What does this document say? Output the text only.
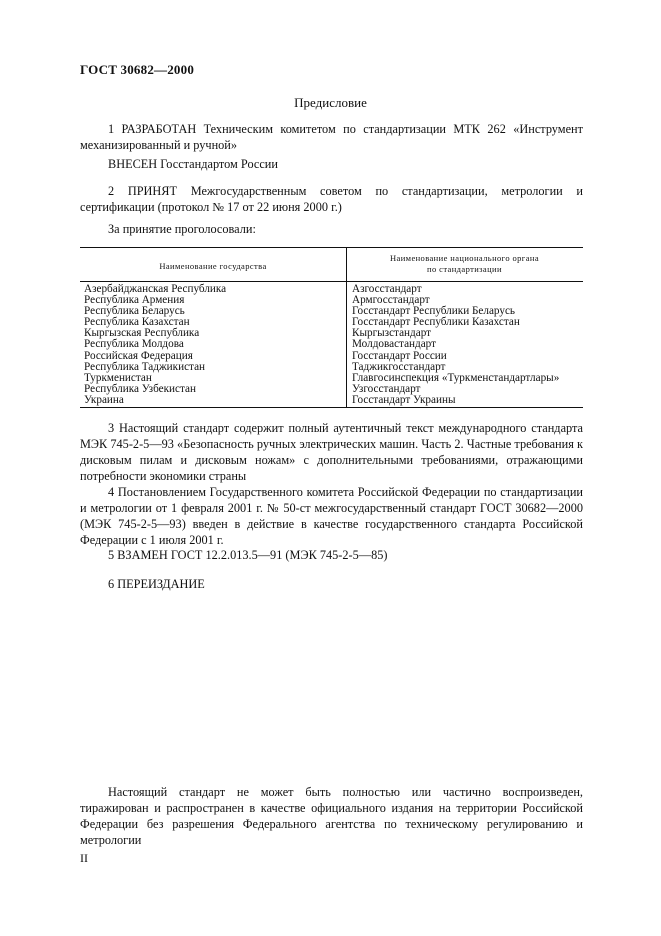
ГОСТ 30682—2000
Предисловие
1 РАЗРАБОТАН Техническим комитетом по стандартизации МТК 262 «Инструмент механизированный и ручной»
ВНЕСЕН Госстандартом России
2 ПРИНЯТ Межгосударственным советом по стандартизации, метрологии и сертификации (протокол № 17 от 22 июня 2000 г.)
За принятие проголосовали:
Наименование государства
Наименование национального органа
по стандартизации
Азербайджанская Республика
Республика Армения
Республика Беларусь
Республика Казахстан
Кыргызская Республика
Республика Молдова
Российская Федерация
Республика Таджикистан
Туркменистан
Республика Узбекистан
Украина
Азгосстандарт
Армгосстандарт
Госстандарт Республики Беларусь
Госстандарт Республики Казахстан
Кыргызстандарт
Молдовастандарт
Госстандарт России
Таджикгосстандарт
Главгосинспекция «Туркменстандартлары»
Узгосстандарт
Госстандарт Украины
3 Настоящий стандарт содержит полный аутентичный текст международного стандарта МЭК 745-2-5—93 «Безопасность ручных электрических машин. Часть 2. Частные требования к дисковым пилам и дисковым ножам» с дополнительными требованиями, отражающими потребности экономики страны
4 Постановлением Государственного комитета Российской Федерации по стандартизации и метрологии от 1 февраля 2001 г. № 50-ст межгосударственный стандарт ГОСТ 30682—2000 (МЭК 745-2-5—93) введен в действие в качестве государственного стандарта Российской Федерации с 1 июля 2001 г.
5 ВЗАМЕН ГОСТ 12.2.013.5—91 (МЭК 745-2-5—85)
6 ПЕРЕИЗДАНИЕ
Настоящий стандарт не может быть полностью или частично воспроизведен, тиражирован и распространен в качестве официального издания на территории Российской Федерации без разрешения Федерального агентства по техническому регулированию и метрологии
II
